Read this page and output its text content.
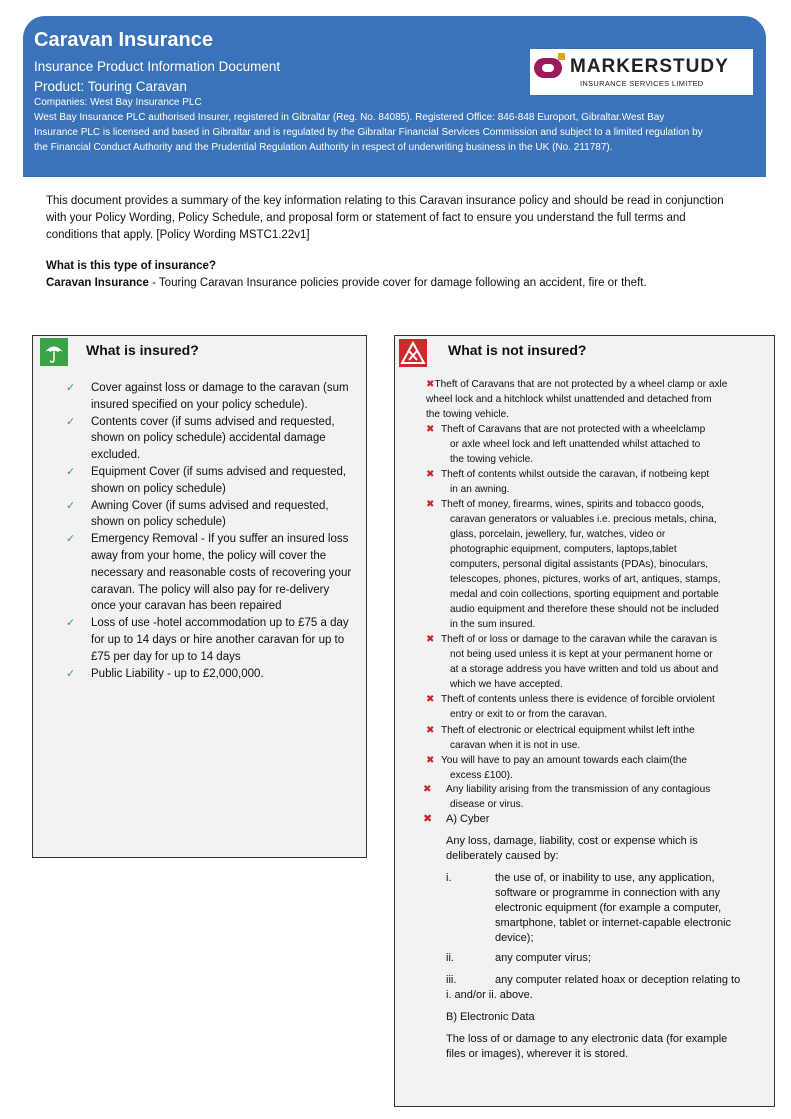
Caravan Insurance
Insurance Product Information Document
Product: Touring Caravan
Companies: West Bay Insurance PLC
West Bay Insurance PLC authorised Insurer, registered in Gibraltar (Reg. No. 84085). Registered Office: 846-848 Europort, Gibraltar.West Bay
Insurance PLC is licensed and based in Gibraltar and is regulated by the Gibraltar Financial Services Commission and subject to a limited regulation by
the Financial Conduct Authority and the Prudential Regulation Authority in respect of underwriting business in the UK (No. 211787).
MARKERSTUDY
INSURANCE SERVICES LIMITED
This document provides a summary of the key information relating to this Caravan insurance policy and should be read in conjunction with your Policy Wording, Policy Schedule, and proposal form or statement of fact to ensure you understand the full terms and conditions that apply. [Policy Wording MSTC1.22v1]
What is this type of insurance?
Caravan Insurance - Touring Caravan Insurance policies provide cover for damage following an accident, fire or theft.
What is insured?
✓ Cover against loss or damage to the caravan (sum insured specified on your policy schedule).
✓ Contents cover (if sums advised and requested, shown on policy schedule) accidental damage excluded.
✓ Equipment Cover (if sums advised and requested, shown on policy schedule)
✓ Awning Cover (if sums advised and requested, shown on policy schedule)
✓ Emergency Removal - If you suffer an insured loss away from your home, the policy will cover the necessary and reasonable costs of recovering your caravan. The policy will also pay for re-delivery once your caravan has been repaired
✓ Loss of use -hotel accommodation up to £75 a day for up to 14 days or hire another caravan for up to £75 per day for up to 14 days
✓ Public Liability - up to £2,000,000.
What is not insured?
✖Theft of Caravans that are not protected by a wheel clamp or axle
wheel lock and a hitchlock whilst unattended and detached from
the towing vehicle.
✖ Theft of Caravans that are not protected with a wheelclamp
or axle wheel lock and left unattended whilst attached to
the towing vehicle.
✖ Theft of contents whilst outside the caravan, if notbeing kept
in an awning.
✖ Theft of money, firearms, wines, spirits and tobacco goods,
caravan generators or valuables i.e. precious metals, china,
glass, porcelain, jewellery, fur, watches, video or
photographic equipment, computers, laptops,tablet
computers, personal digital assistants (PDAs), binoculars,
telescopes, phones, pictures, works of art, antiques, stamps,
medal and coin collections, sporting equipment and portable
audio equipment and therefore these should not be included
in the sum insured.
✖ Theft of or loss or damage to the caravan while the caravan is
not being used unless it is kept at your permanent home or
at a storage address you have written and told us about and
which we have accepted.
✖ Theft of contents unless there is evidence of forcible orviolent
entry or exit to or from the caravan.
✖ Theft of electronic or electrical equipment whilst left inthe
caravan when it is not in use.
✖ You will have to pay an amount towards each claim(the
excess £100).
✖ Any liability arising from the transmission of any contagious
disease or virus.
✖ A) Cyber
Any loss, damage, liability, cost or expense which is
deliberately caused by:
i.	the use of, or inability to use, any application,
software or programme in connection with any
electronic equipment (for example a computer,
smartphone, tablet or internet-capable electronic
device);
ii.	any computer virus;
iii.	any computer related hoax or deception relating to
i. and/or ii. above.
B) Electronic Data
The loss of or damage to any electronic data (for example
files or images), wherever it is stored.
